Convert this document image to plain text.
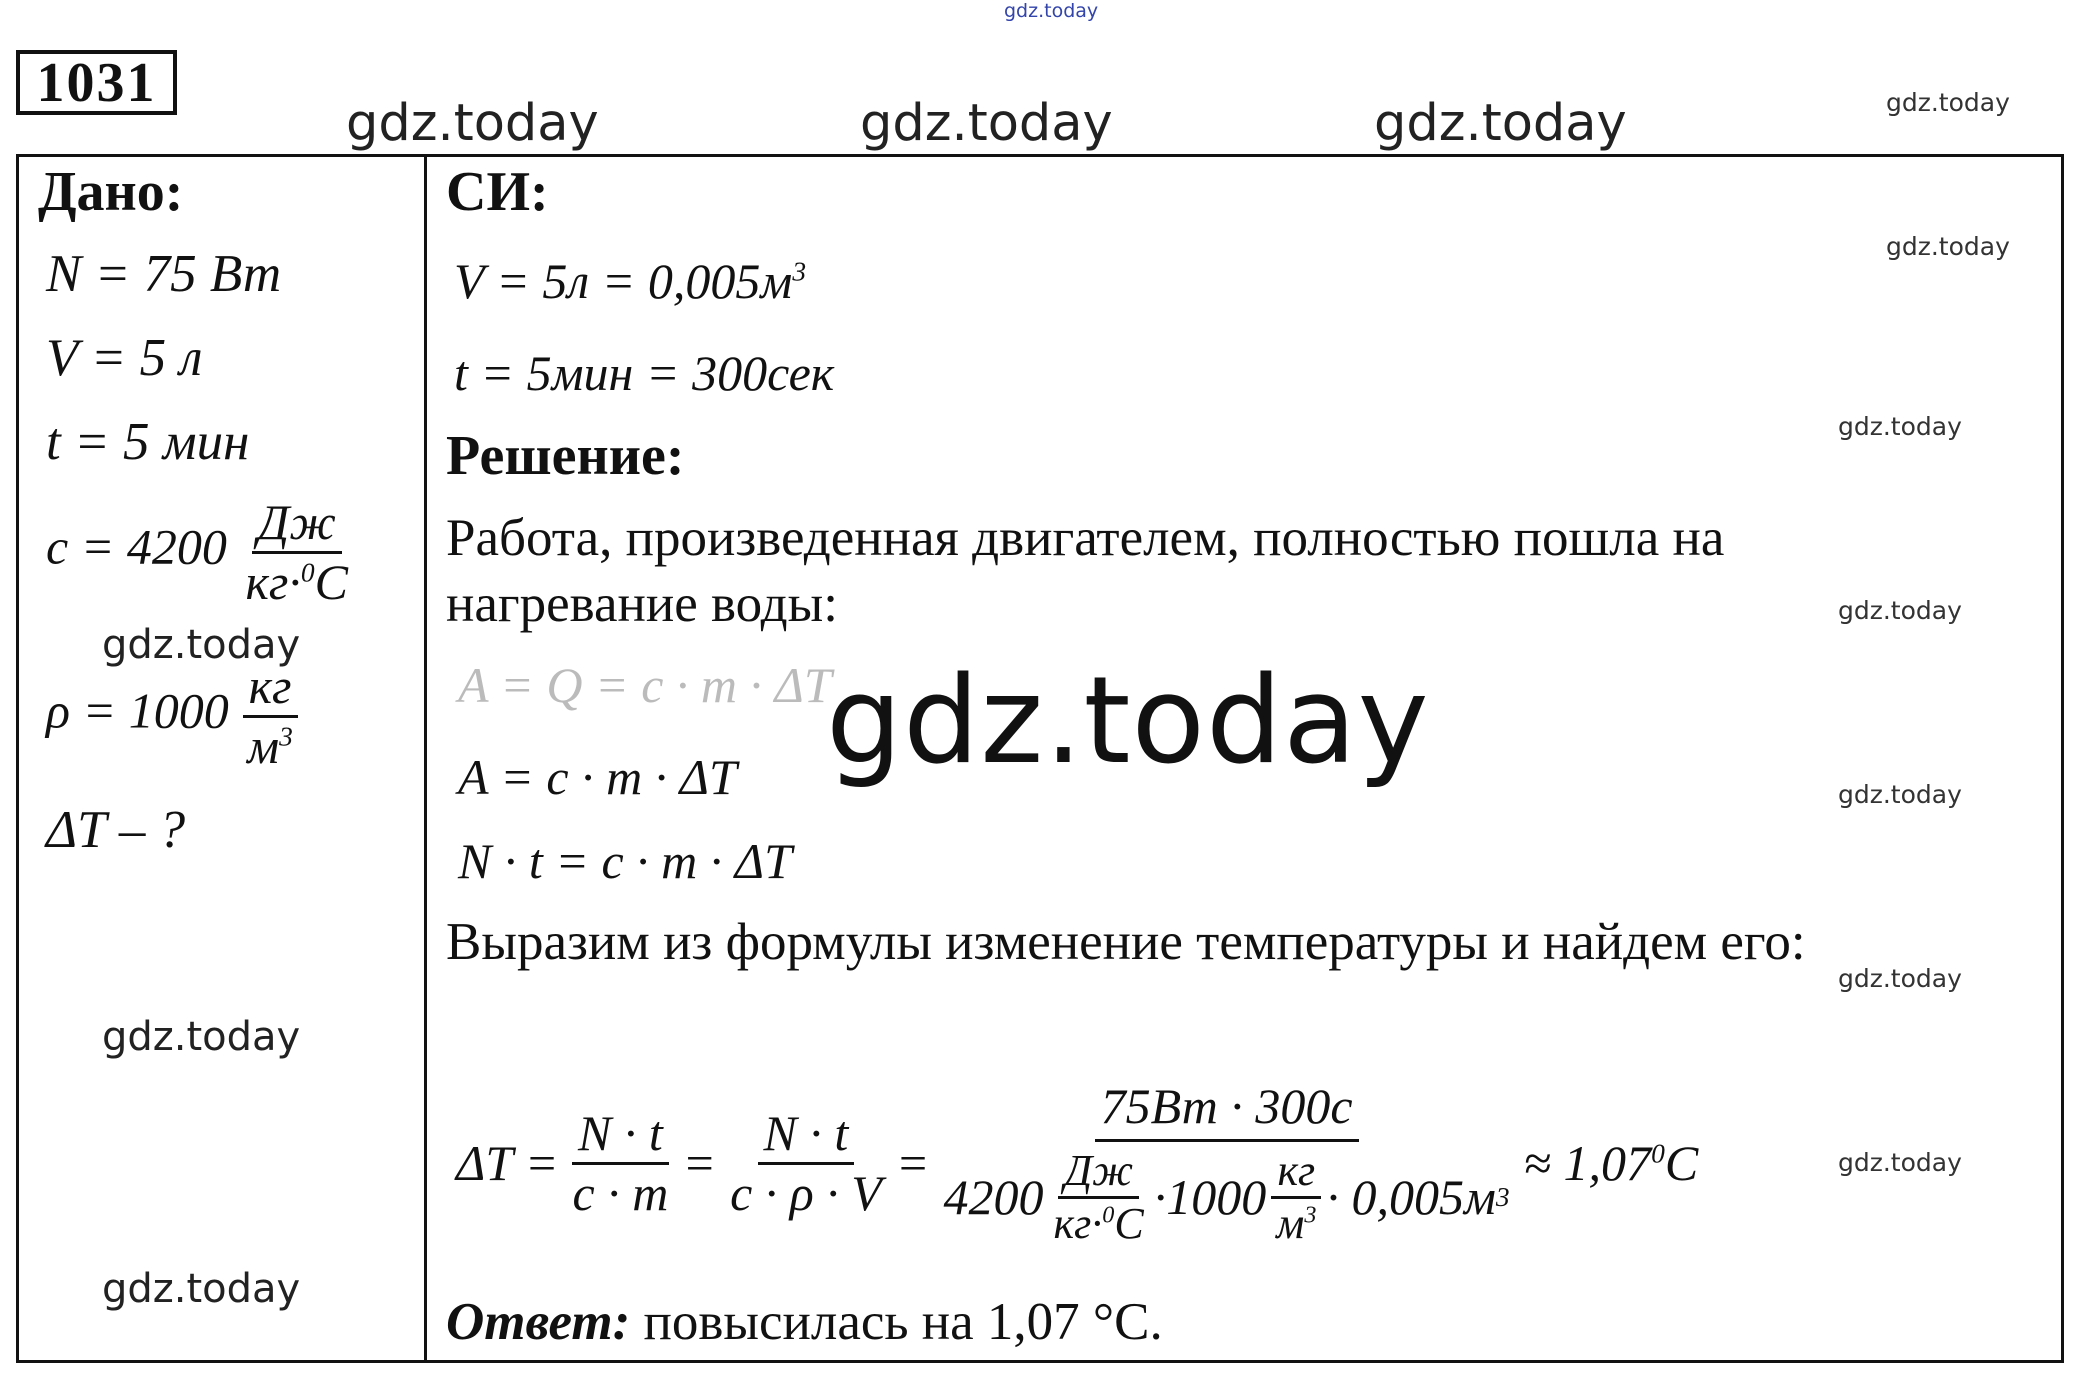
gdz.today
gdz.today	gdz.today	gdz.today	gdz.today
gdz.today
gdz.today
gdz.today
gdz.today
gdz.today
gdz.today
gdz.today
gdz.today
gdz.today
1031
Дано:
N = 75 Вт
V = 5 л
t = 5 мин
$c = 4200 \frac{Дж}{кг\cdot^0C}$
$\rho = 1000 \frac{кг}{м^3}$
ΔT – ?
СИ:
$V = 5л = 0,005м^3$
t = 5мин = 300сек
Решение:
Работа, произведенная двигателем, полностью пошла на
нагревание воды:
A = Q = c · m · ΔT
A = c · m · ΔT
N · t = c · m · ΔT
Выразим из формулы изменение температуры и найдем его:
gdz.today
$\Delta T = \frac{N \cdot t}{c \cdot m} = \frac{N \cdot t}{c \cdot \rho \cdot V}$ =
75Вт · 300с
$4200 \frac{Дж}{кг\cdot^0C} \cdot 1000 \frac{кг}{м^3} \cdot 0,005м$ 3
≈ $1,07^0C$
Ответ: повысилась на 1,07 °С.
